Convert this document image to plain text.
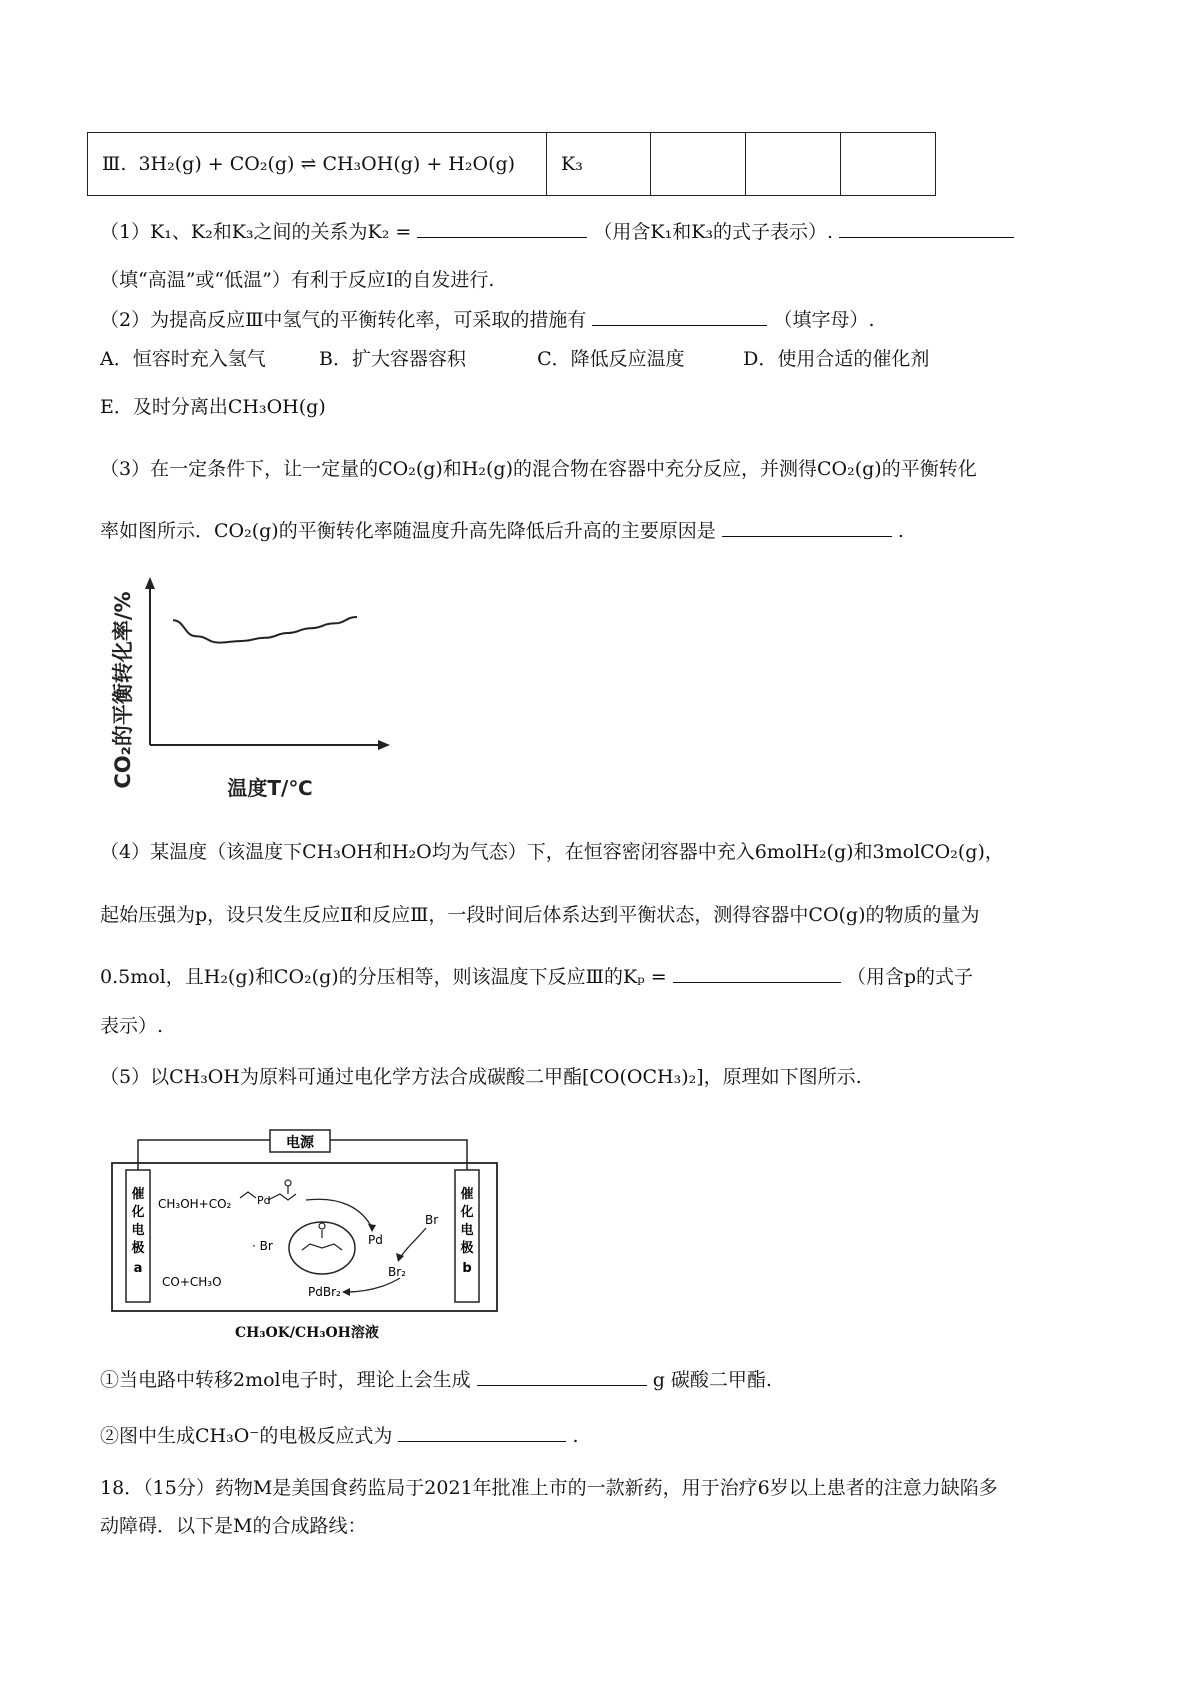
Ⅲ. 3H₂(g) + CO₂(g) ⇌ CH₃OH(g) + H₂O(g)	K₃			
（1）K₁、K₂和K₃之间的关系为K₂ =	（用含K₁和K₃的式子表示）.
（填“高温”或“低温”）有利于反应Ⅰ的自发进行.
（2）为提高反应Ⅲ中氢气的平衡转化率，可采取的措施有	（填字母）.
A．恒容时充入氢气	B．扩大容器容积	C．降低反应温度	D．使用合适的催化剂
E．及时分离出CH₃OH(g)
（3）在一定条件下，让一定量的CO₂(g)和H₂(g)的混合物在容器中充分反应，并测得CO₂(g)的平衡转化
率如图所示．CO₂(g)的平衡转化率随温度升高先降低后升高的主要原因是	.
CO₂的平衡转化率/%	温度T/℃
（4）某温度（该温度下CH₃OH和H₂O均为气态）下，在恒容密闭容器中充入6molH₂(g)和3molCO₂(g)，
起始压强为p，设只发生反应Ⅱ和反应Ⅲ，一段时间后体系达到平衡状态，测得容器中CO(g)的物质的量为
0.5mol，且H₂(g)和CO₂(g)的分压相等，则该温度下反应Ⅲ的Kₚ =	（用含p的式子
表示）.
（5）以CH₃OH为原料可通过电化学方法合成碳酸二甲酯[CO(OCH₃)₂]，原理如下图所示.
电源
催化电极 a
催化电极 b
CH₃OH+CO₂
CO+CH₃O
Pd
· Br	Pd
Br
Br₂
PdBr₂
CH₃OK/CH₃OH溶液
①当电路中转移2mol电子时，理论上会生成	g 碳酸二甲酯.
②图中生成CH₃O⁻的电极反应式为	.
18．（15分）药物M是美国食药监局于2021年批准上市的一款新药，用于治疗6岁以上患者的注意力缺陷多
动障碍．以下是M的合成路线：
